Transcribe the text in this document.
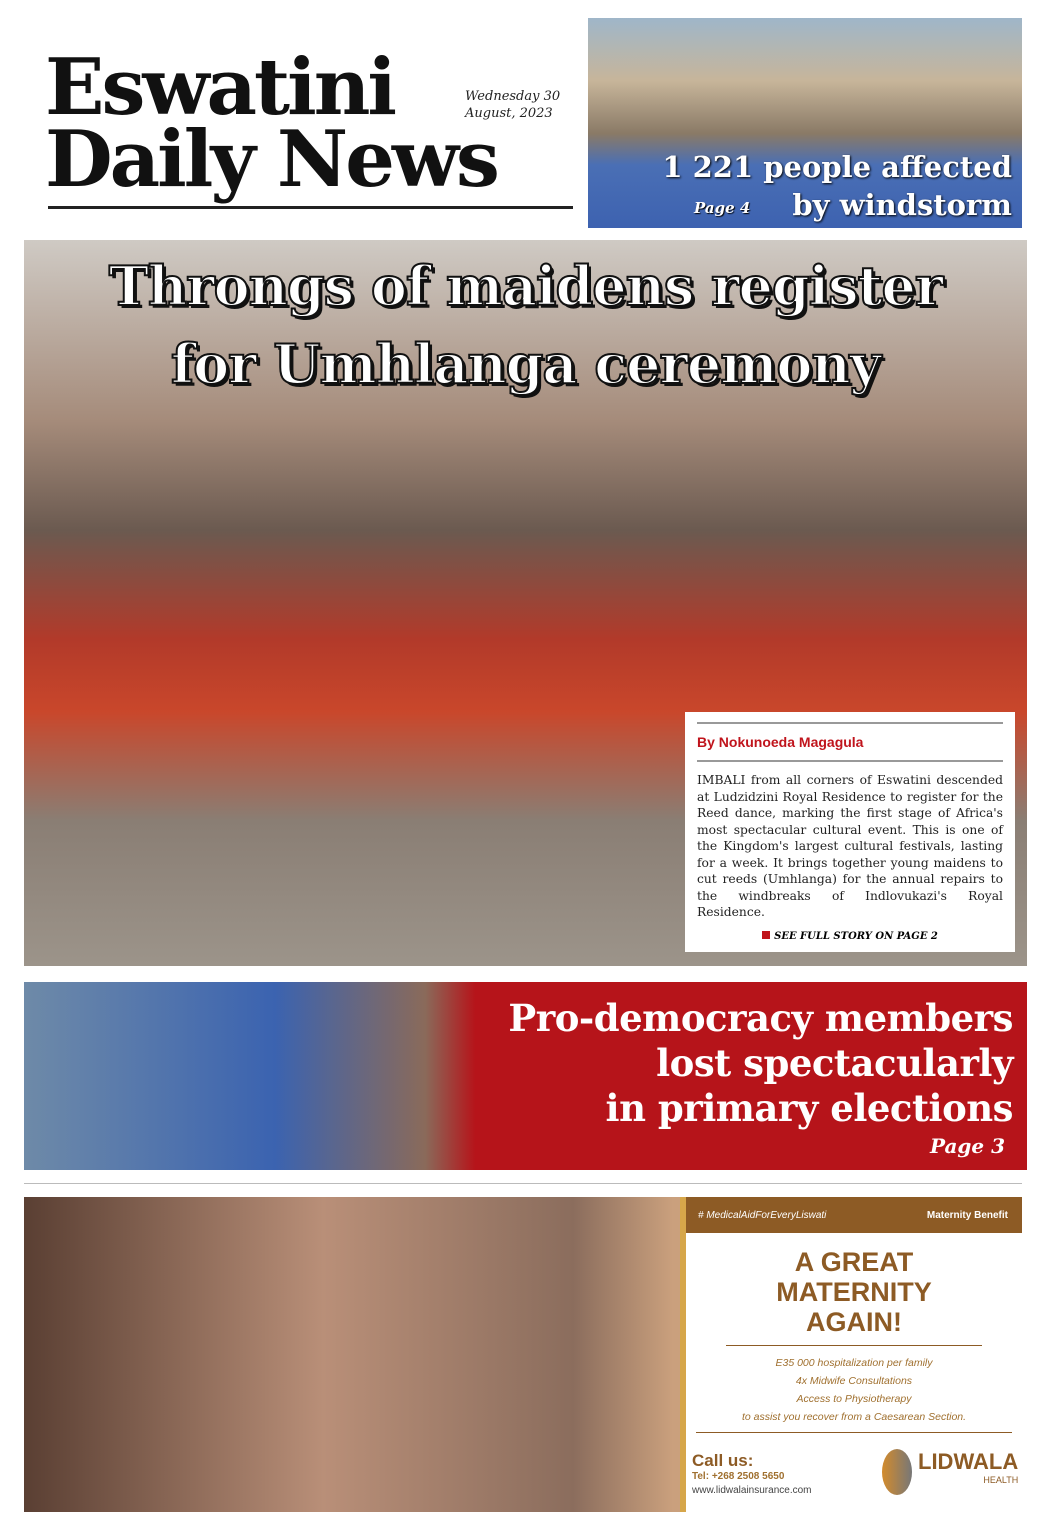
Eswatini
Daily News
Wednesday 30
August, 2023
1 221 people affected
Page 4 by windstorm
Throngs of maidens register
for Umhlanga ceremony
By Nokunoeda Magagula

IMBALI from all corners of Eswatini descended at Ludzidzini Royal Residence to register for the Reed dance, marking the first stage of Africa's most spectacular cultural event. This is one of the Kingdom's largest cultural festivals, lasting for a week. It brings together young maidens to cut reeds (Umhlanga) for the annual repairs to the windbreaks of Indlovukazi's Royal Residence.

SEE FULL STORY ON PAGE 2
Pro-democracy members
lost spectacularly
in primary elections
Page 3
# MedicalAidForEveryLiswati	Maternity Benefit
A GREAT
MATERNITY
AGAIN!
E35 000 hospitalization per family
4x Midwife Consultations
Access to Physiotherapy
to assist you recover from a Caesarean Section.
Call us:
Tel: +268 2508 5650
www.lidwalainsurance.com
LIDWALA
HEALTH
